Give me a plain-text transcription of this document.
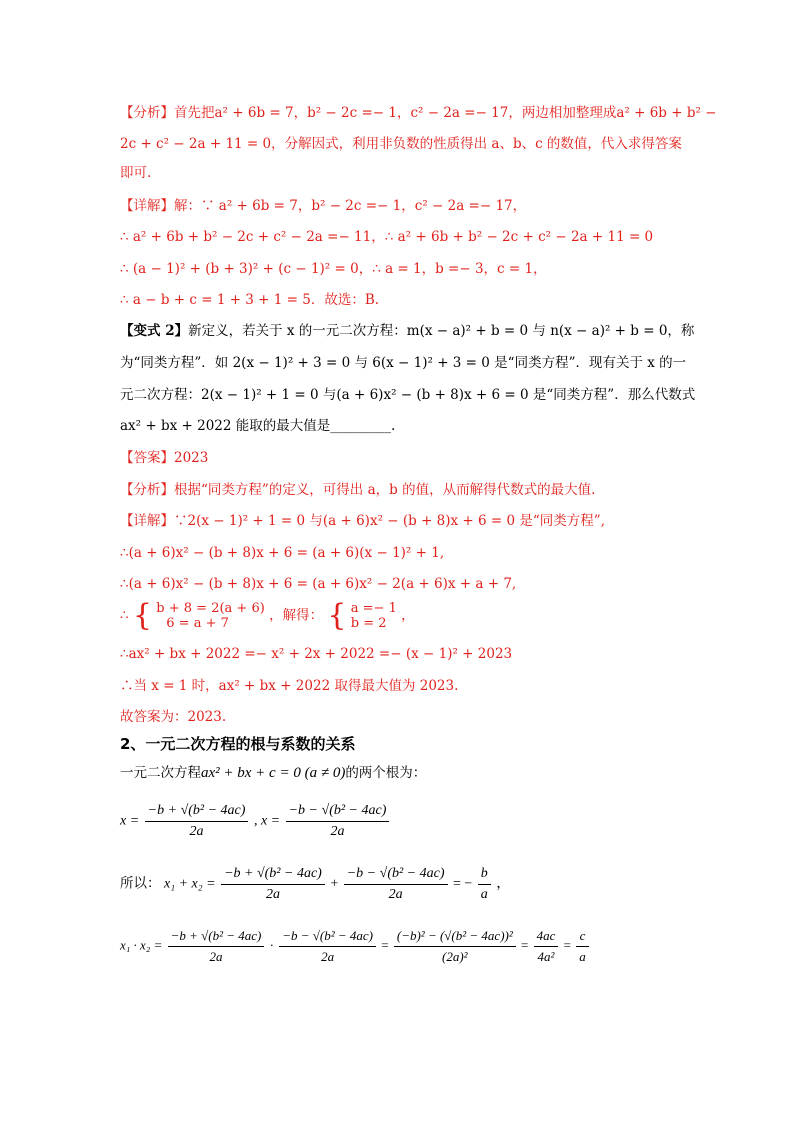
【分析】首先把a² + 6b = 7，b² − 2c =− 1，c² − 2a =− 17，两边相加整理成a² + 6b + b² −
2c + c² − 2a + 11 = 0，分解因式，利用非负数的性质得出 a、b、c 的数值，代入求得答案
即可.
【详解】解：∵ a² + 6b = 7，b² − 2c =− 1，c² − 2a =− 17，
∴ a² + 6b + b² − 2c + c² − 2a =− 11，∴ a² + 6b + b² − 2c + c² − 2a + 11 = 0
∴ (a − 1)² + (b + 3)² + (c − 1)² = 0，∴ a = 1，b =− 3，c = 1，
∴ a − b + c = 1 + 3 + 1 = 5．故选：B.
【变式 2】新定义，若关于 x 的一元二次方程：m(x − a)² + b = 0 与 n(x − a)² + b = 0，称
为“同类方程”．如 2(x − 1)² + 3 = 0 与 6(x − 1)² + 3 = 0 是“同类方程”．现有关于 x 的一
元二次方程：2(x − 1)² + 1 = 0 与(a + 6)x² − (b + 8)x + 6 = 0 是“同类方程”．那么代数式
ax² + bx + 2022 能取的最大值是_________.
【答案】2023
【分析】根据“同类方程”的定义，可得出 a，b 的值，从而解得代数式的最大值.
【详解】∵2(x − 1)² + 1 = 0 与(a + 6)x² − (b + 8)x + 6 = 0 是“同类方程”,
∴(a + 6)x² − (b + 8)x + 6 = (a + 6)(x − 1)² + 1,
∴(a + 6)x² − (b + 8)x + 6 = (a + 6)x² − 2(a + 6)x + a + 7,
∴ { b + 8 = 2(a + 6)
6 = a + 7	，解得： { a =− 1
b = 2	，
∴ax² + bx + 2022 =− x² + 2x + 2022 =− (x − 1)² + 2023
∴当 x = 1 时，ax² + bx + 2022 取得最大值为 2023.
故答案为：2023.
2、一元二次方程的根与系数的关系
一元二次方程ax² + bx + c = 0 (a ≠ 0)的两个根为：
$x = \frac{\text{−b + √(b² − 4ac)}}{2a}$ , $x = \frac{\text{−b − √(b² − 4ac)}}{2a}$
所以： $x_1 + x_2 = \frac{\text{−b + √(b² − 4ac)}}{2a} + \frac{\text{−b − √(b² − 4ac)}}{2a}$ = − $\frac{b}{a}$ ，
$x_1 \cdot x_2 = \frac{\text{−b + √(b² − 4ac)}}{2a} \cdot \frac{\text{−b − √(b² − 4ac)}}{2a} = \frac{\text{(−b)² − (√(b² − 4ac))²}}{\text{(2a)²}} = \frac{4ac}{\text{4a²}} = \frac{c}{a}$
